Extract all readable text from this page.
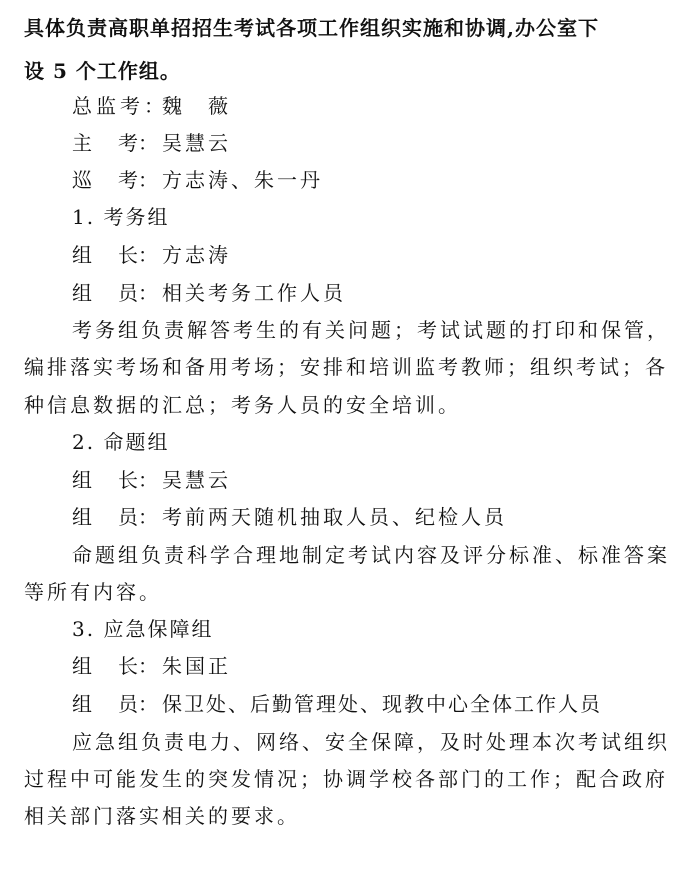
具体负责高职单招招生考试各项工作组织实施和协调,办公室下
设 5 个工作组。
总监考：魏　薇
主 考： 吴慧云
巡 考： 方志涛、朱一丹
1. 考务组
组 长： 方志涛
组 员： 相关考务工作人员
考务组负责解答考生的有关问题；考试试题的打印和保管，
编排落实考场和备用考场；安排和培训监考教师；组织考试；各
种信息数据的汇总；考务人员的安全培训。
2. 命题组
组 长： 吴慧云
组 员： 考前两天随机抽取人员、纪检人员
命题组负责科学合理地制定考试内容及评分标准、标准答案
等所有内容。
3. 应急保障组
组 长： 朱国正
组 员： 保卫处、后勤管理处、现教中心全体工作人员
应急组负责电力、网络、安全保障，及时处理本次考试组织
过程中可能发生的突发情况；协调学校各部门的工作；配合政府
相关部门落实相关的要求。
